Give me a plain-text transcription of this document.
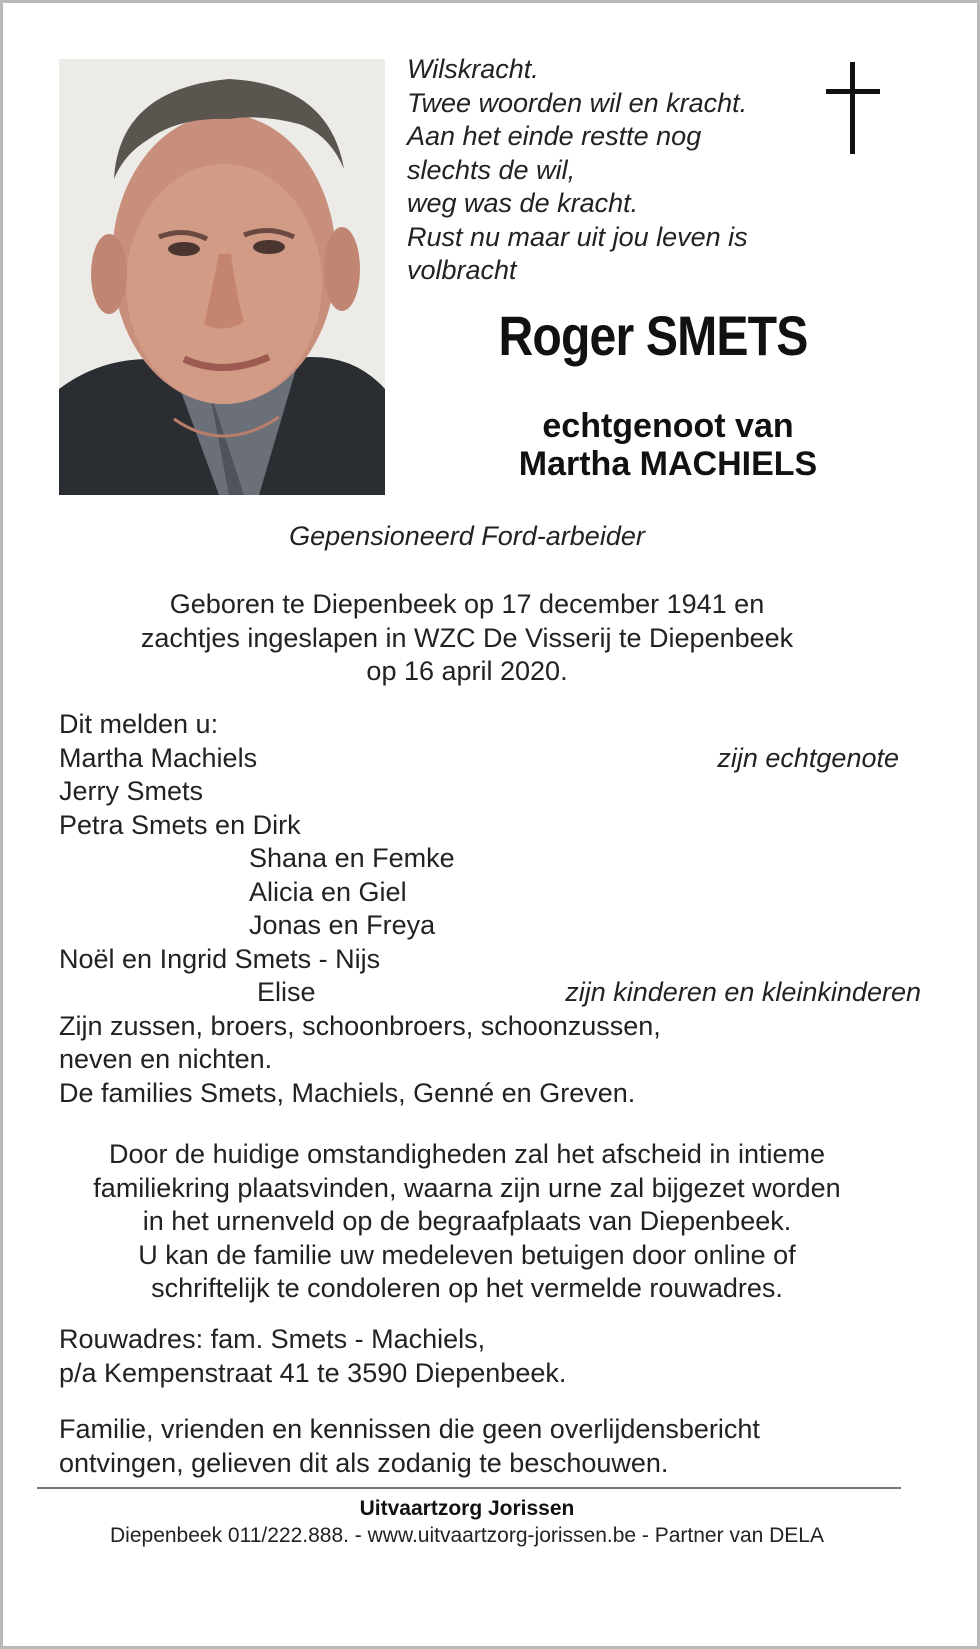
Wilskracht.
Twee woorden wil en kracht.
Aan het einde restte nog
slechts de wil,
weg was de kracht.
Rust nu maar uit jou leven is
volbracht
Roger SMETS
echtgenoot van
Martha MACHIELS
Gepensioneerd Ford-arbeider
Geboren te Diepenbeek op 17 december 1941 en
zachtjes ingeslapen in WZC De Visserij te Diepenbeek
op 16 april 2020.
Dit melden u:
Martha Machiels	zijn echtgenote
Jerry Smets
Petra Smets en Dirk
Shana en Femke
Alicia en Giel
Jonas en Freya
Noël en Ingrid Smets - Nijs
Elise	zijn kinderen en kleinkinderen
Zijn zussen, broers, schoonbroers, schoonzussen,
neven en nichten.
De families Smets, Machiels, Genné en Greven.
Door de huidige omstandigheden zal het afscheid in intieme
familiekring plaatsvinden, waarna zijn urne zal bijgezet worden
in het urnenveld op de begraafplaats van Diepenbeek.
U kan de familie uw medeleven betuigen door online of
schriftelijk te condoleren op het vermelde rouwadres.
Rouwadres: fam. Smets - Machiels,
p/a Kempenstraat 41 te 3590 Diepenbeek.
Familie, vrienden en kennissen die geen overlijdensbericht
ontvingen, gelieven dit als zodanig te beschouwen.
Uitvaartzorg Jorissen
Diepenbeek 011/222.888. - www.uitvaartzorg-jorissen.be - Partner van DELA
